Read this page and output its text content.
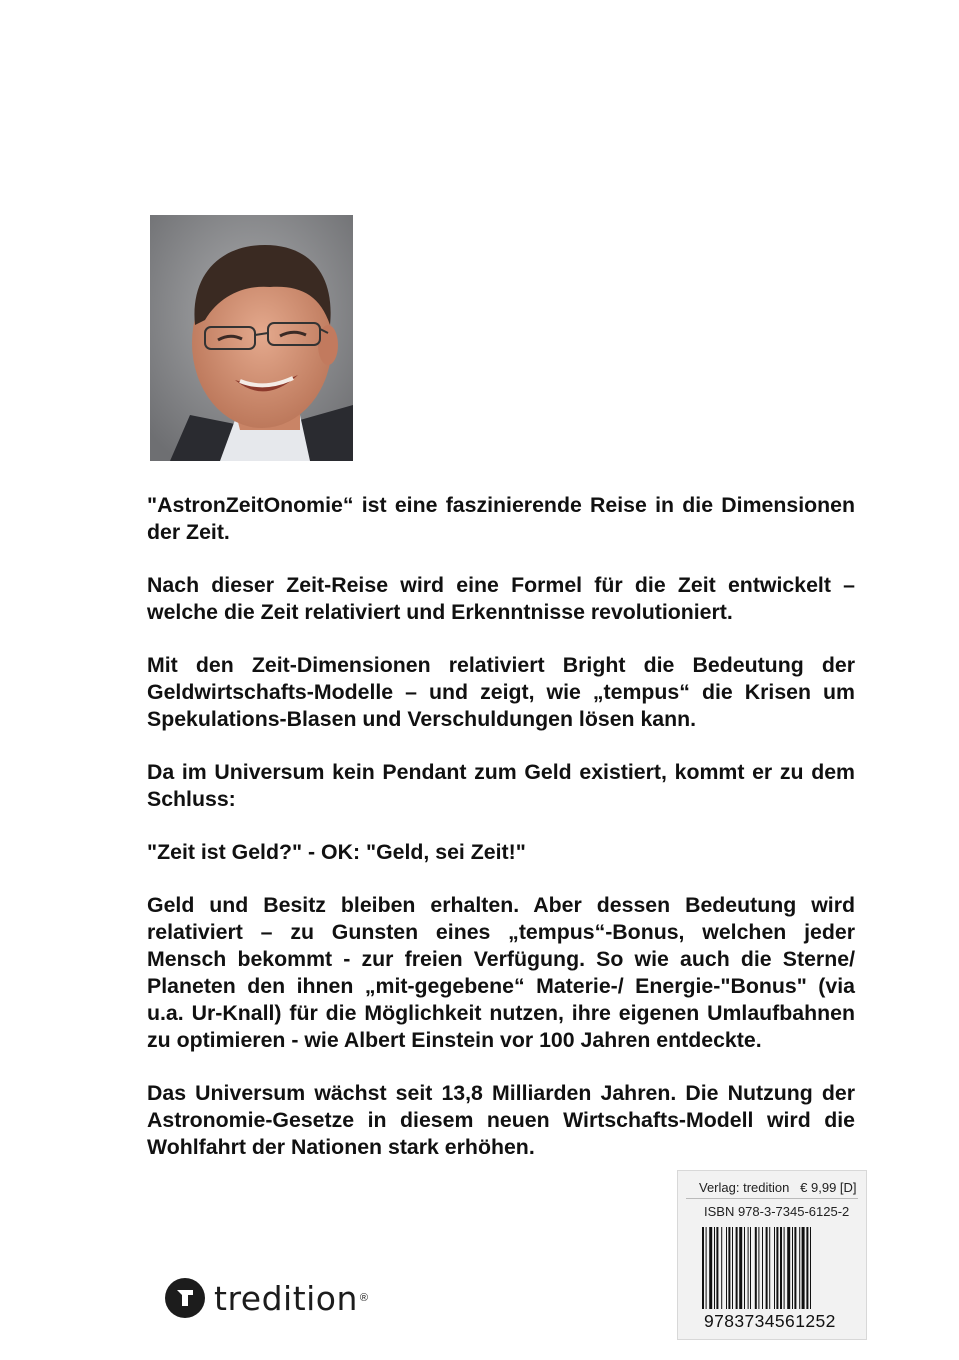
"AstronZeitOnomie“ ist eine faszinierende Reise in die Dimensionen der Zeit.

Nach dieser Zeit-Reise wird eine Formel für die Zeit entwickelt – welche die Zeit relativiert und Erkenntnisse revolutioniert.

Mit den Zeit-Dimensionen relativiert Bright die Bedeutung der Geldwirtschafts-Modelle – und zeigt, wie „tempus“ die Krisen um Spekulations-Blasen und Verschuldungen lösen kann.

Da im Universum kein Pendant zum Geld existiert, kommt er zu dem Schluss:

"Zeit ist Geld?" - OK: "Geld, sei Zeit!"

Geld und Besitz bleiben erhalten. Aber dessen Bedeutung wird relativiert – zu Gunsten eines „tempus“-Bonus, welchen jeder Mensch bekommt - zur freien Verfügung. So wie auch die Sterne/ Planeten den ihnen „mit-gegebene“ Materie-/ Energie-"Bonus" (via u.a. Ur-Knall) für die Möglichkeit nutzen, ihre eigenen Umlaufbahnen zu optimieren - wie Albert Einstein vor 100 Jahren entdeckte.

Das Universum wächst seit 13,8 Milliarden Jahren. Die Nutzung der Astronomie-Gesetze in diesem neuen Wirtschafts-Modell wird die Wohlfahrt der Nationen stark erhöhen.

tredition ®
Verlag: tredition   € 9,99 [D]
ISBN 978-3-7345-6125-2
9783734561252
